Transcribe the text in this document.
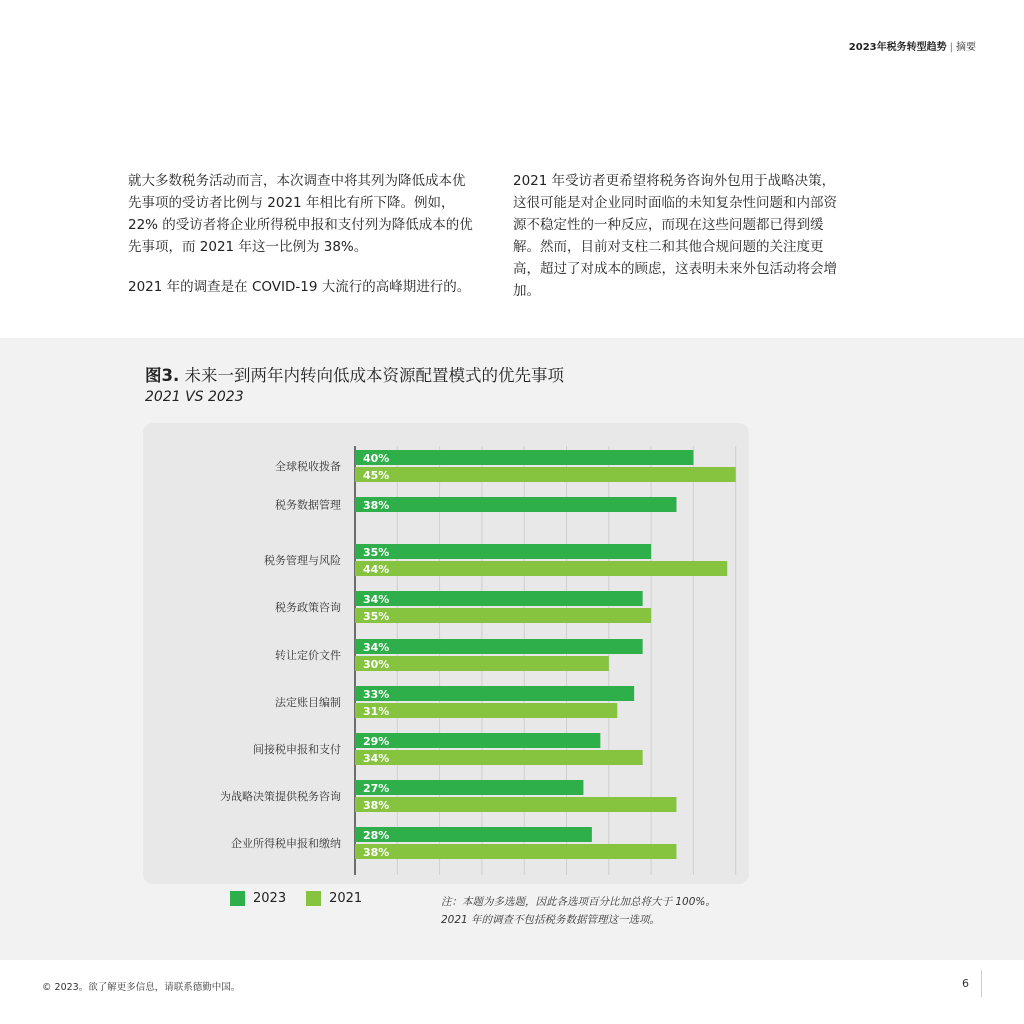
2023年税务转型趋势 | 摘要

就大多数税务活动而言，本次调查中将其列为降低成本优先事项的受访者比例与 2021 年相比有所下降。例如，22% 的受访者将企业所得税申报和支付列为降低成本的优先事项，而 2021 年这一比例为 38%。

2021 年的调查是在 COVID-19 大流行的高峰期进行的。

2021 年受访者更希望将税务咨询外包用于战略决策，这很可能是对企业同时面临的未知复杂性问题和内部资源不稳定性的一种反应，而现在这些问题都已得到缓解。然而，目前对支柱二和其他合规问题的关注度更高，超过了对成本的顾虑，这表明未来外包活动将会增加。

图3. 未来一到两年内转向低成本资源配置模式的优先事项
2021 VS 2023
全球税收拨备
40%
45%
税务数据管理 38%
税务管理与风险
35%
44%
税务政策咨询
34%
35%
转让定价文件
34%
30%
法定账目编制
33%
31%
间接税申报和支付
29%
34%
为战略决策提供税务咨询
27%
38%
企业所得税申报和缴纳
28%
38%
2023	2021	注：本题为多选题，因此各选项百分比加总将大于 100%。
2021 年的调查不包括税务数据管理这一选项。
© 2023。欲了解更多信息，请联系德勤中国。	6
